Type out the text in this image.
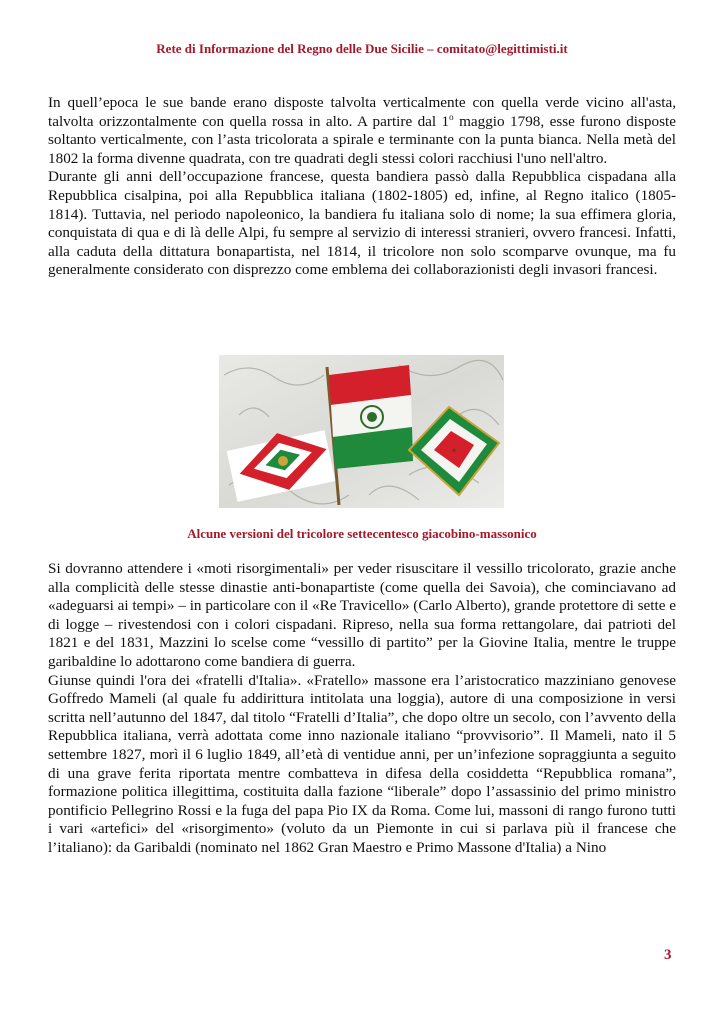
Rete di Informazione del Regno delle Due Sicilie – comitato@legittimisti.it

In quell’epoca le sue bande erano disposte talvolta verticalmente con quella verde vicino all'asta, talvolta orizzontalmente con quella rossa in alto. A partire dal 1$^o$ maggio 1798, esse furono disposte soltanto verticalmente, con l’asta tricolorata a spirale e terminante con la punta bianca. Nella metà del 1802 la forma divenne quadrata, con tre quadrati degli stessi colori racchiusi l'uno nell'altro.

Durante gli anni dell’occupazione francese, questa bandiera passò dalla Repubblica cispadana alla Repubblica cisalpina, poi alla Repubblica italiana (1802-1805) ed, infine, al Regno italico (1805-1814). Tuttavia, nel periodo napoleonico, la bandiera fu italiana solo di nome; la sua effimera gloria, conquistata di qua e di là delle Alpi, fu sempre al servizio di interessi stranieri, ovvero francesi. Infatti, alla caduta della dittatura bonapartista, nel 1814, il tricolore non solo scomparve ovunque, ma fu generalmente considerato con disprezzo come emblema dei collaborazionisti degli invasori francesi.

✦
Alcune versioni del tricolore settecentesco giacobino-massonico

Si dovranno attendere i «moti risorgimentali» per veder risuscitare il vessillo tricolorato, grazie anche alla complicità delle stesse dinastie anti-bonapartiste (come quella dei Savoia), che cominciavano ad «adeguarsi ai tempi» – in particolare con il «Re Travicello» (Carlo Alberto), grande protettore di sette e di logge – rivestendosi con i colori cispadani. Ripreso, nella sua forma rettangolare, dai patrioti del 1821 e del 1831, Mazzini lo scelse come “vessillo di partito” per la Giovine Italia, mentre le truppe garibaldine lo adottarono come bandiera di guerra.

Giunse quindi l'ora dei «fratelli d'Italia». «Fratello» massone era l’aristocratico mazziniano genovese Goffredo Mameli (al quale fu addirittura intitolata una loggia), autore di una composizione in versi scritta nell’autunno del 1847, dal titolo “Fratelli d’Italia”, che dopo oltre un secolo, con l’avvento della Repubblica italiana, verrà adottata come inno nazionale italiano “provvisorio”. Il Mameli, nato il 5 settembre 1827, morì il 6 luglio 1849, all’età di ventidue anni, per un’infezione sopraggiunta a seguito di una grave ferita riportata mentre combatteva in difesa della cosiddetta “Repubblica romana”, formazione politica illegittima, costituita dalla fazione “liberale” dopo l’assassinio del primo ministro pontificio Pellegrino Rossi e la fuga del papa Pio IX da Roma. Come lui, massoni di rango furono tutti i vari «artefici» del «risorgimento» (voluto da un Piemonte in cui si parlava più il francese che l’italiano): da Garibaldi (nominato nel 1862 Gran Maestro e Primo Massone d'Italia) a Nino

3
